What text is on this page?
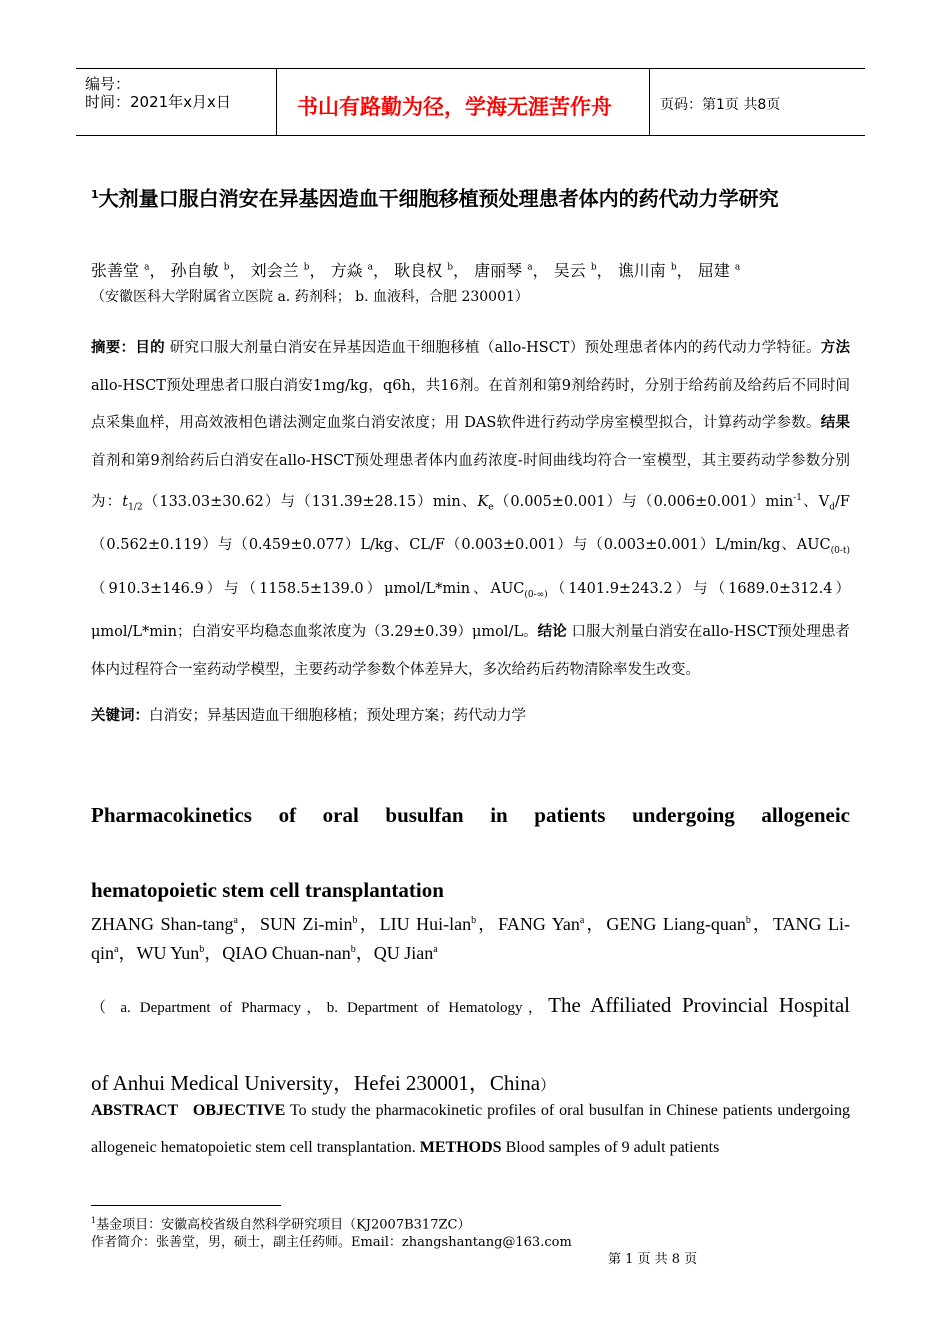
编号：
时间：2021年x月x日	书山有路勤为径，学海无涯苦作舟	页码：第1页 共8页
$^1$大剂量口服白消安在异基因造血干细胞移植预处理患者体内的药代动力学研究
张善堂 $^a$， 孙自敏 $^b$， 刘会兰 $^b$， 方焱 $^a$， 耿良权 $^b$， 唐丽琴 $^a$， 吴云 $^b$， 谯川南 $^b$， 屈建 $^a$
（安徽医科大学附属省立医院 a. 药剂科； b. 血液科，合肥 230001）
摘要：目的 研究口服大剂量白消安在异基因造血干细胞移植（allo-HSCT）预处理患者体内的药代动力学特征。方法 allo-HSCT预处理患者口服白消安1mg/kg，q6h，共16剂。在首剂和第9剂给药时，分别于给药前及给药后不同时间点采集血样，用高效液相色谱法测定血浆白消安浓度；用 DAS软件进行药动学房室模型拟合，计算药动学参数。结果 首剂和第9剂给药后白消安在allo-HSCT预处理患者体内血药浓度-时间曲线均符合一室模型，其主要药动学参数分别为：$t_{1/2}(133.03\pm 30.62)$与（131.39±28.15）min、$K_e(0.005\pm 0.001)$与$(0.006\pm 0.001)\min^{-1}$、$V_d/F(0.562\pm 0.119)$与（0.459±0.077）L/kg、CL/F（0.003±0.001）与（0.003±0.001）L/min/kg、$AUC_{(0-t)}(910.3\pm 146.9)$与（1158.5±139.0）μmol/L*min、$AUC_{(0-\infty)}(1401.9\pm 243.2)$与（1689.0±312.4）μmol/L*min；白消安平均稳态血浆浓度为（3.29±0.39）μmol/L。结论 口服大剂量白消安在allo-HSCT预处理患者体内过程符合一室药动学模型，主要药动学参数个体差异大，多次给药后药物清除率发生改变。
关键词：白消安；异基因造血干细胞移植；预处理方案；药代动力学
Pharmacokinetics of oral busulfan in patients undergoing allogeneic
hematopoietic stem cell transplantation
ZHANG Shan-tang$^a$，SUN $Zi-\min^b$，LIU Hui-lan$^b$，FANG Yan$^a$，GENG Liang-quan$^b$，TANG Li-qin$^a$，WU Yun$^b$，QIAO Chuan-nan$^b$，QU Jian$^a$
（ a. Department of Pharmacy，b. Department of Hematology，The Affiliated Provincial Hospital
of Anhui Medical University，Hefei 230001，China）
ABSTRACT OBJECTIVE To study the pharmacokinetic profiles of oral busulfan in Chinese patients undergoing allogeneic hematopoietic stem cell transplantation. METHODS Blood samples of 9 adult patients
$^1$基金项目：安徽高校省级自然科学研究项目（KJ2007B317ZC）
作者简介：张善堂，男，硕士，副主任药师。Email：zhangshantang@163.com
第 1 页 共 8 页
